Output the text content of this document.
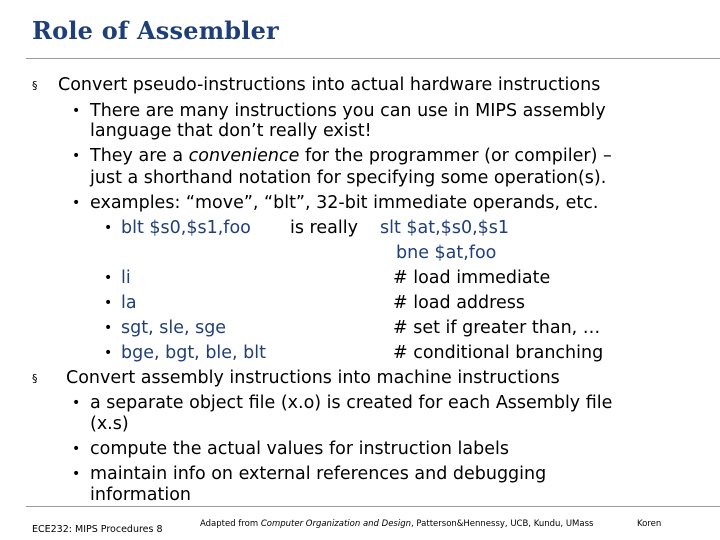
Role of Assembler
§ Convert pseudo-instructions into actual hardware instructions
• There are many instructions you can use in MIPS assembly
language that don’t really exist!
• They are a convenience for the programmer (or compiler) –
just a shorthand notation for specifying some operation(s).
• examples: “move”, “blt”, 32-bit immediate operands, etc.
• blt $s0,$s1,foo is really slt $at,$s0,$s1
bne $at,foo
• li	# load immediate
• la	# load address
• sgt, sle, sge	# set if greater than, …
• bge, bgt, ble, blt	# conditional branching
§ Convert assembly instructions into machine instructions
• a separate object file (x.o) is created for each Assembly file
(x.s)
• compute the actual values for instruction labels
• maintain info on external references and debugging
information
ECE232: MIPS Procedures 8	Adapted from Computer Organization and Design, Patterson&Hennessy, UCB, Kundu, UMass	Koren
